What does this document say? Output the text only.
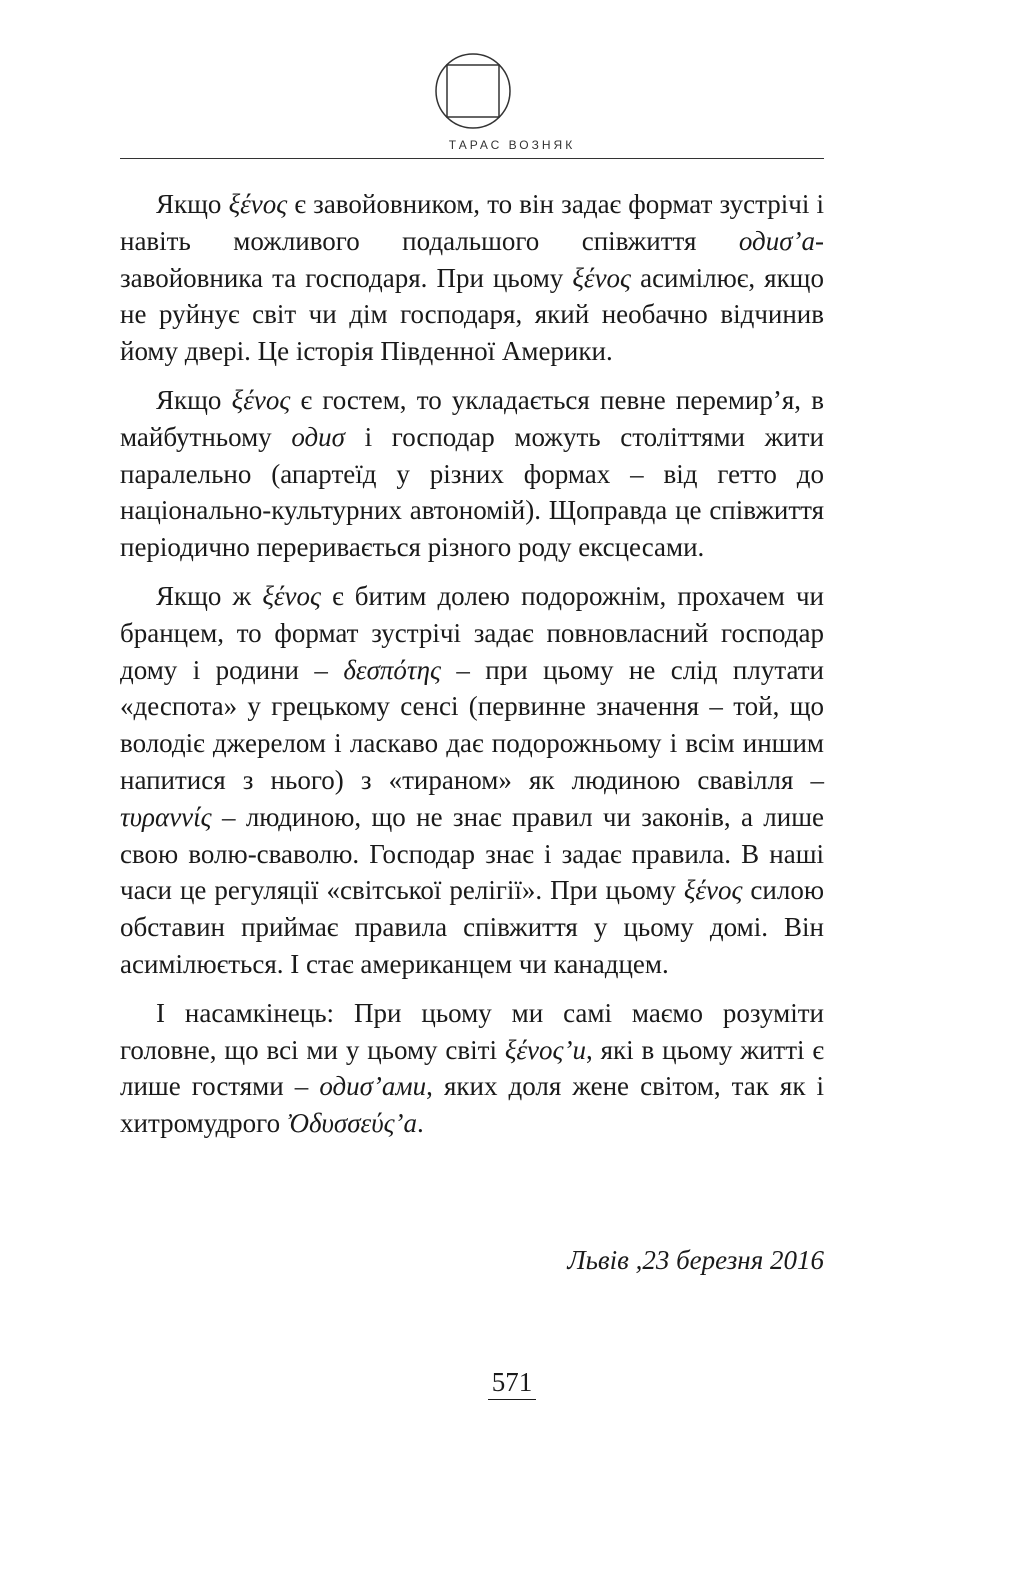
ТАРАС ВОЗНЯК

Якщо ξένος є завойовником, то він задає формат зустрічі і навіть можливого подальшого співжиття одиσ’а-завойовника та господаря. При цьому ξένος асимілює, якщо не руйнує світ чи дім господаря, який необачно відчинив йому двері. Це історія Південної Америки.

Якщо ξένος є гостем, то укладається певне перемир’я, в майбутньому одиσ і господар можуть століттями жити паралельно (апартеїд у різних формах – від гетто до національно-культурних автономій). Щоправда це співжиття періодично переривається різного роду ексцесами.

Якщо ж ξένος є битим долею подорожнім, прохачем чи бранцем, то формат зустрічі задає повновласний господар дому і родини – δεσπότης – при цьому не слід плутати «деспота» у грецькому сенсі (первинне значення – той, що володіє джерелом і ласкаво дає подорожньому і всім иншим напитися з нього) з «тираном» як людиною свавілля – τυραννίς – людиною, що не знає правил чи законів, а лише свою волю-сваволю. Господар знає і задає правила. В наші часи це регуляції «світської релігії». При цьому ξένος силою обставин приймає правила співжиття у цьому домі. Він асимілюється. І стає американцем чи канадцем.

І насамкінець: При цьому ми самі маємо розуміти головне, що всі ми у цьому світі ξένος’и, які в цьому житті є лише гостями – одиσ’ами, яких доля жене світом, так як і хитромудрого Ὀδυσσεύς’а.

Львів ,23 березня 2016
571
